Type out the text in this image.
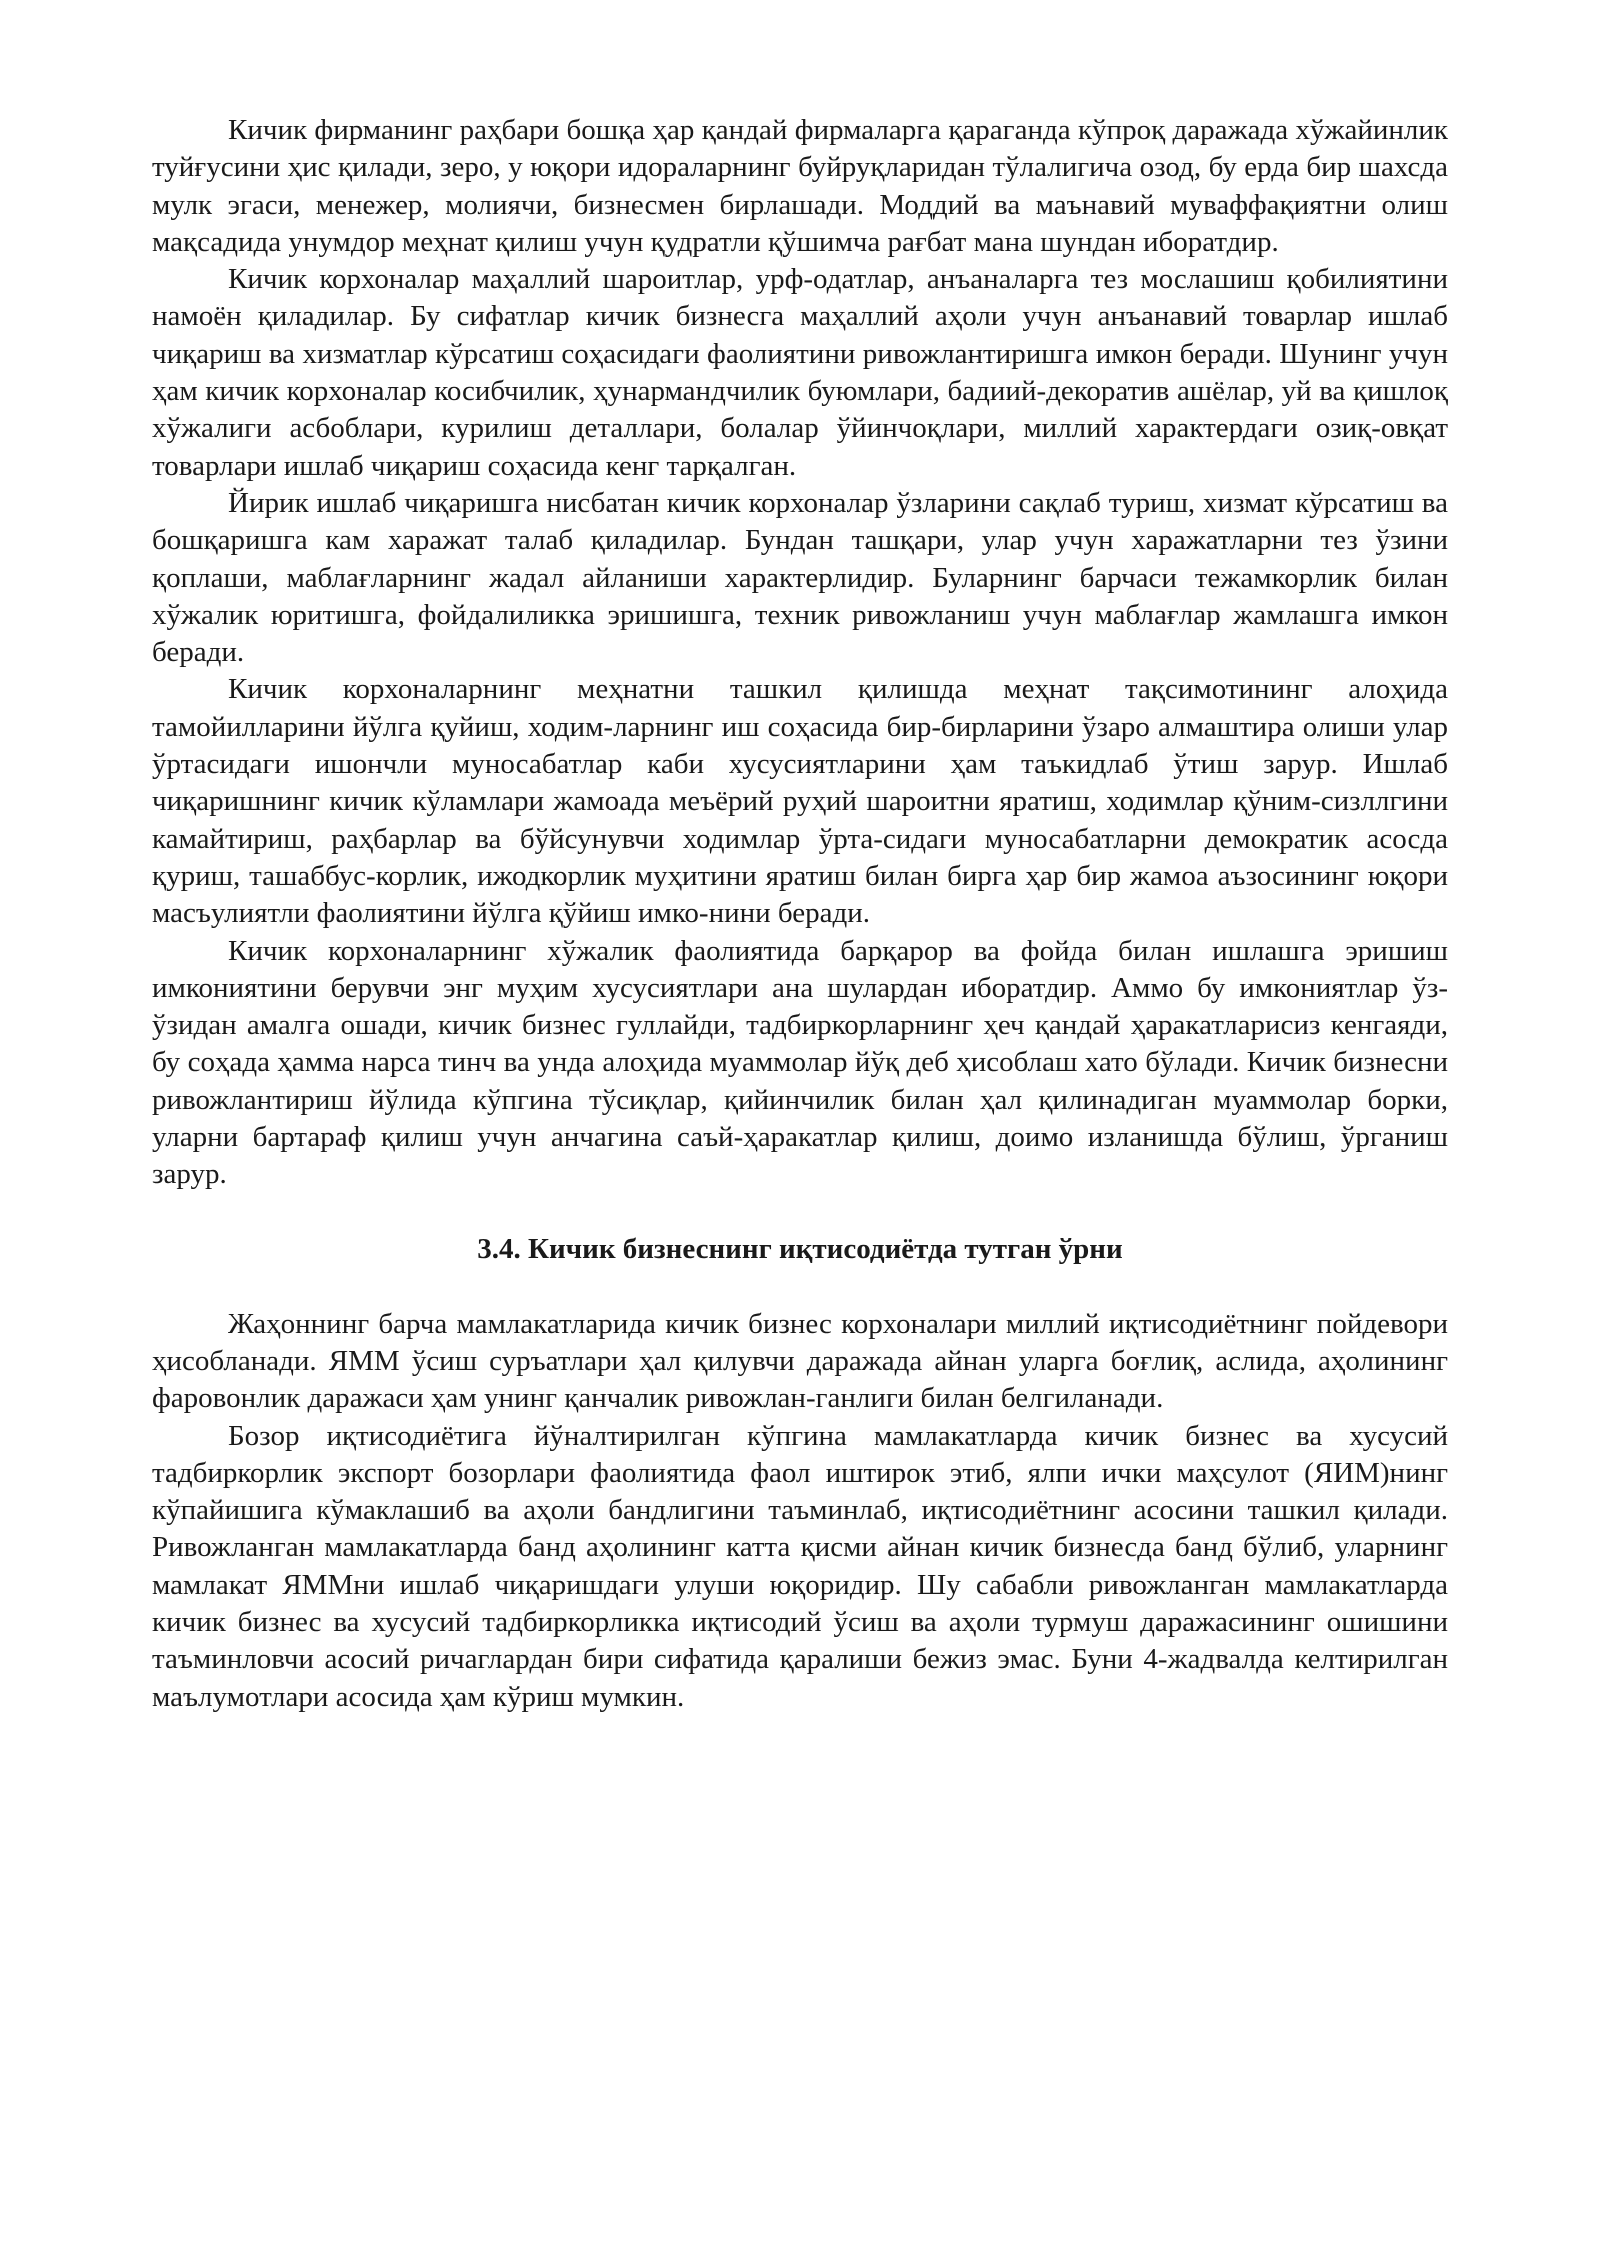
Кичик фирманинг раҳбари бошқа ҳар қандай фирмаларга қараганда кўпроқ даражада хўжайинлик туйғусини ҳис қилади, зеро, у юқори идораларнинг буйруқларидан тўлалигича озод, бу ерда бир шахсда мулк эгаси, менежер, молиячи, бизнесмен бирлашади. Моддий ва маънавий муваффақиятни олиш мақсадида унумдор меҳнат қилиш учун қудратли қўшимча рағбат мана шундан иборатдир.

Кичик корхоналар маҳаллий шароитлар, урф-одатлар, анъаналарга тез мослашиш қобилиятини намоён қиладилар. Бу сифатлар кичик бизнесга маҳаллий аҳоли учун анъанавий товарлар ишлаб чиқариш ва хизматлар кўрсатиш соҳасидаги фаолиятини ривожлантиришга имкон беради. Шунинг учун ҳам кичик корхоналар косибчилик, ҳунармандчилик буюмлари, бадиий-декоратив ашёлар, уй ва қишлоқ хўжалиги асбоблари, курилиш деталлари, болалар ўйинчоқлари, миллий характердаги озиқ-овқат товарлари ишлаб чиқариш соҳасида кенг тарқалган.

Йирик ишлаб чиқаришга нисбатан кичик корхоналар ўзларини сақлаб туриш, хизмат кўрсатиш ва бошқаришга кам харажат талаб қиладилар. Бундан ташқари, улар учун харажатларни тез ўзини қоплаши, маблағларнинг жадал айланиши характерлидир. Буларнинг барчаси тежамкорлик билан хўжалик юритишга, фойдалиликка эришишга, техник ривожланиш учун маблағлар жамлашга имкон беради.

Кичик корхоналарнинг меҳнатни ташкил қилишда меҳнат тақсимотининг алоҳида тамойилларини йўлга қуйиш, ходим-ларнинг иш соҳасида бир-бирларини ўзаро алмаштира олиши улар ўртасидаги ишончли муносабатлар каби хусусиятларини ҳам таъкидлаб ўтиш зарур. Ишлаб чиқаришнинг кичик кўламлари жамоада меъёрий руҳий шароитни яратиш, ходимлар қўним-сизллгини камайтириш, раҳбарлар ва бўйсунувчи ходимлар ўрта-сидаги муносабатларни демократик асосда қуриш, ташаббус-корлик, ижодкорлик муҳитини яратиш билан бирга ҳар бир жамоа аъзосининг юқори масъулиятли фаолиятини йўлга қўйиш имко-нини беради.

Кичик корхоналарнинг хўжалик фаолиятида барқарор ва фойда билан ишлашга эришиш имкониятини берувчи энг муҳим хусусиятлари ана шулардан иборатдир. Аммо бу имкониятлар ўз-ўзидан амалга ошади, кичик бизнес гуллайди, тадбиркорларнинг ҳеч қандай ҳаракатларисиз кенгаяди, бу соҳада ҳамма нарса тинч ва унда алоҳида муаммолар йўқ деб ҳисоблаш хато бўлади. Кичик бизнесни ривожлантириш йўлида кўпгина тўсиқлар, қийинчилик билан ҳал қилинадиган муаммолар борки, уларни бартараф қилиш учун анчагина саъй-ҳаракатлар қилиш, доимо изланишда бўлиш, ўрганиш зарур.

3.4. Кичик бизнеснинг иқтисодиётда тутган ўрни

Жаҳоннинг барча мамлакатларида кичик бизнес корхоналари миллий иқтисодиётнинг пойдевори ҳисобланади. ЯММ ўсиш суръатлари ҳал қилувчи даражада айнан уларга боғлиқ, аслида, аҳолининг фаровонлик даражаси ҳам унинг қанчалик ривожлан-ганлиги билан белгиланади.

Бозор иқтисодиётига йўналтирилган кўпгина мамлакатларда кичик бизнес ва хусусий тадбиркорлик экспорт бозорлари фаолиятида фаол иштирок этиб, ялпи ички маҳсулот (ЯИМ)нинг кўпайишига кўмаклашиб ва аҳоли бандлигини таъминлаб, иқтисодиётнинг асосини ташкил қилади. Ривожланган мамлакатларда банд аҳолининг катта қисми айнан кичик бизнесда банд бўлиб, уларнинг мамлакат ЯММни ишлаб чиқаришдаги улуши юқоридир. Шу сабабли ривожланган мамлакатларда кичик бизнес ва хусусий тадбиркорликка иқтисодий ўсиш ва аҳоли турмуш даражасининг ошишини таъминловчи асосий ричаглардан бири сифатида қаралиши бежиз эмас. Буни 4-жадвалда келтирилган маълумотлари асосида ҳам кўриш мумкин.
